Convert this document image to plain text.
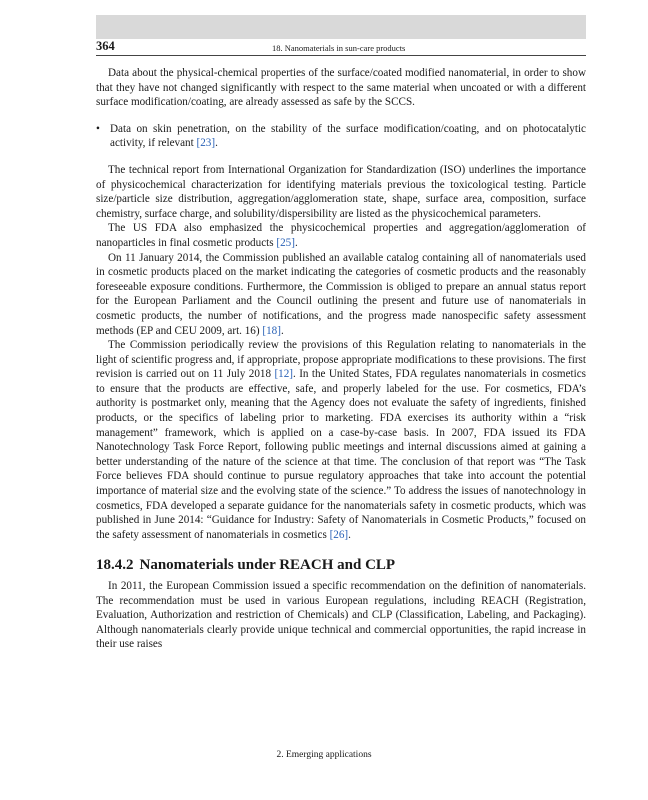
364	18. Nanomaterials in sun-care products

Data about the physical-chemical properties of the surface/coated modified nanomaterial, in order to show that they have not changed significantly with respect to the same material when uncoated or with a different surface modification/coating, are already assessed as safe by the SCCS.

• Data on skin penetration, on the stability of the surface modification/coating, and on photocatalytic activity, if relevant [23].

The technical report from International Organization for Standardization (ISO) underlines the importance of physicochemical characterization for identifying materials previous the toxicological testing. Particle size/particle size distribution, aggregation/agglomeration state, shape, surface area, composition, surface chemistry, surface charge, and solubility/dispersibility are listed as the physicochemical parameters.

The US FDA also emphasized the physicochemical properties and aggregation/agglomeration of nanoparticles in final cosmetic products [25].

On 11 January 2014, the Commission published an available catalog containing all of nanomaterials used in cosmetic products placed on the market indicating the categories of cosmetic products and the reasonably foreseeable exposure conditions. Furthermore, the Commission is obliged to prepare an annual status report for the European Parliament and the Council outlining the present and future use of nanomaterials in cosmetic products, the number of notifications, and the progress made nanospecific safety assessment methods (EP and CEU 2009, art. 16) [18].

The Commission periodically review the provisions of this Regulation relating to nanomaterials in the light of scientific progress and, if appropriate, propose appropriate modifications to these provisions. The first revision is carried out on 11 July 2018 [12]. In the United States, FDA regulates nanomaterials in cosmetics to ensure that the products are effective, safe, and properly labeled for the use. For cosmetics, FDA’s authority is postmarket only, meaning that the Agency does not evaluate the safety of ingredients, finished products, or the specifics of labeling prior to marketing. FDA exercises its authority within a “risk management” framework, which is applied on a case-by-case basis. In 2007, FDA issued its FDA Nanotechnology Task Force Report, following public meetings and internal discussions aimed at gaining a better understanding of the nature of the science at that time. The conclusion of that report was “The Task Force believes FDA should continue to pursue regulatory approaches that take into account the potential importance of material size and the evolving state of the science.” To address the issues of nanotechnology in cosmetics, FDA developed a separate guidance for the nanomaterials safety in cosmetic products, which was published in June 2014: “Guidance for Industry: Safety of Nanomaterials in Cosmetic Products,” focused on the safety assessment of nanomaterials in cosmetics [26].

18.4.2 Nanomaterials under REACH and CLP

In 2011, the European Commission issued a specific recommendation on the definition of nanomaterials. The recommendation must be used in various European regulations, including REACH (Registration, Evaluation, Authorization and restriction of Chemicals) and CLP (Classification, Labeling, and Packaging). Although nanomaterials clearly provide unique technical and commercial opportunities, the rapid increase in their use raises

2. Emerging applications
